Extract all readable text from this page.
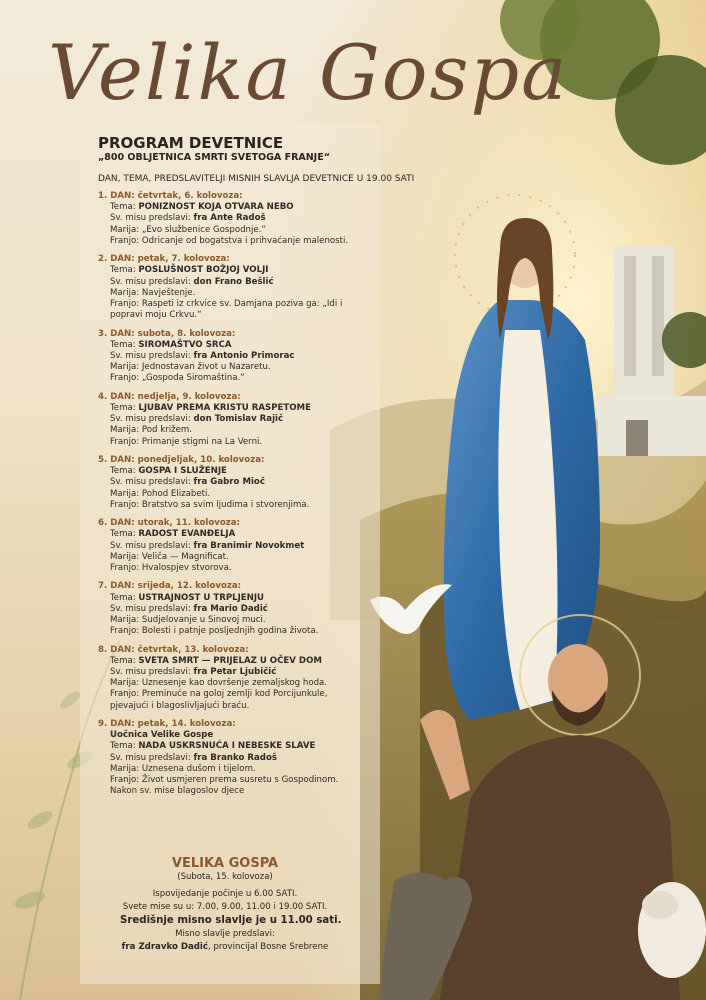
Velika Gospa
PROGRAM DEVETNICE
„800 OBLJETNICA SMRTI SVETOGA FRANJE“
DAN, TEMA, PREDSLAVITELJI MISNIH SLAVLJA DEVETNICE U 19.00 SATI
1. DAN: četvrtak, 6. kolovoza:
Tema: PONIZNOST KOJA OTVARA NEBO
Sv. misu predslavi: fra Ante Radoš
Marija: „Evo službenice Gospodnje.“
Franjo: Odricanje od bogatstva i prihvaćanje malenosti.
2. DAN: petak, 7. kolovoza:
Tema: POSLUŠNOST BOŽJOJ VOLJI
Sv. misu predslavi: don Frano Bešlić
Marija: Navještenje.
Franjo: Raspeti iz crkvice sv. Damjana poziva ga: „Idi i
popravi moju Crkvu.“
3. DAN: subota, 8. kolovoza:
Tema: SIROMAŠTVO SRCA
Sv. misu predslavi: fra Antonio Primorac
Marija: Jednostavan život u Nazaretu.
Franjo: „Gospoda Siromaština.“
4. DAN: nedjelja, 9. kolovoza:
Tema: LJUBAV PREMA KRISTU RASPETOME
Sv. misu predslavi: don Tomislav Rajič
Marija: Pod križem.
Franjo: Primanje stigmi na La Verni.
5. DAN: ponedjeljak, 10. kolovoza:
Tema: GOSPA I SLUŽENJE
Sv. misu predslavi: fra Gabro Mioč
Marija: Pohod Elizabeti.
Franjo: Bratstvo sa svim ljudima i stvorenjima.
6. DAN: utorak, 11. kolovoza:
Tema: RADOST EVANĐELJA
Sv. misu predslavi: fra Branimir Novokmet
Marija: Veliča — Magnificat.
Franjo: Hvalospjev stvorova.
7. DAN: srijeda, 12. kolovoza:
Tema: USTRAJNOST U TRPLJENJU
Sv. misu predslavi: fra Mario Dadić
Marija: Sudjelovanje u Sinovoj muci.
Franjo: Bolesti i patnje posljednjih godina života.
8. DAN: četvrtak, 13. kolovoza:
Tema: SVETA SMRT — PRIJELAZ U OČEV DOM
Sv. misu predslavi: fra Petar Ljubičić
Marija: Uznesenje kao dovršenje zemaljskog hoda.
Franjo: Preminuće na goloj zemlji kod Porcijunkule,
pjevajući i blagoslivljajući braću.
9. DAN: petak, 14. kolovoza:
Uočnica Velike Gospe
Tema: NADA USKRSNUĆA I NEBESKE SLAVE
Sv. misu predslavi: fra Branko Radoš
Marija: Uznesena dušom i tijelom.
Franjo: Život usmjeren prema susretu s Gospodinom.
Nakon sv. mise blagoslov djece
VELIKA GOSPA
(Subota, 15. kolovoza)
Ispovijedanje počinje u 6.00 SATI.
Svete mise su u: 7.00, 9.00, 11.00 i 19.00 SATI.
Središnje misno slavlje je u 11.00 sati.
Misno slavlje predslavi:
fra Zdravko Dadić, provincijal Bosne Srebrene
